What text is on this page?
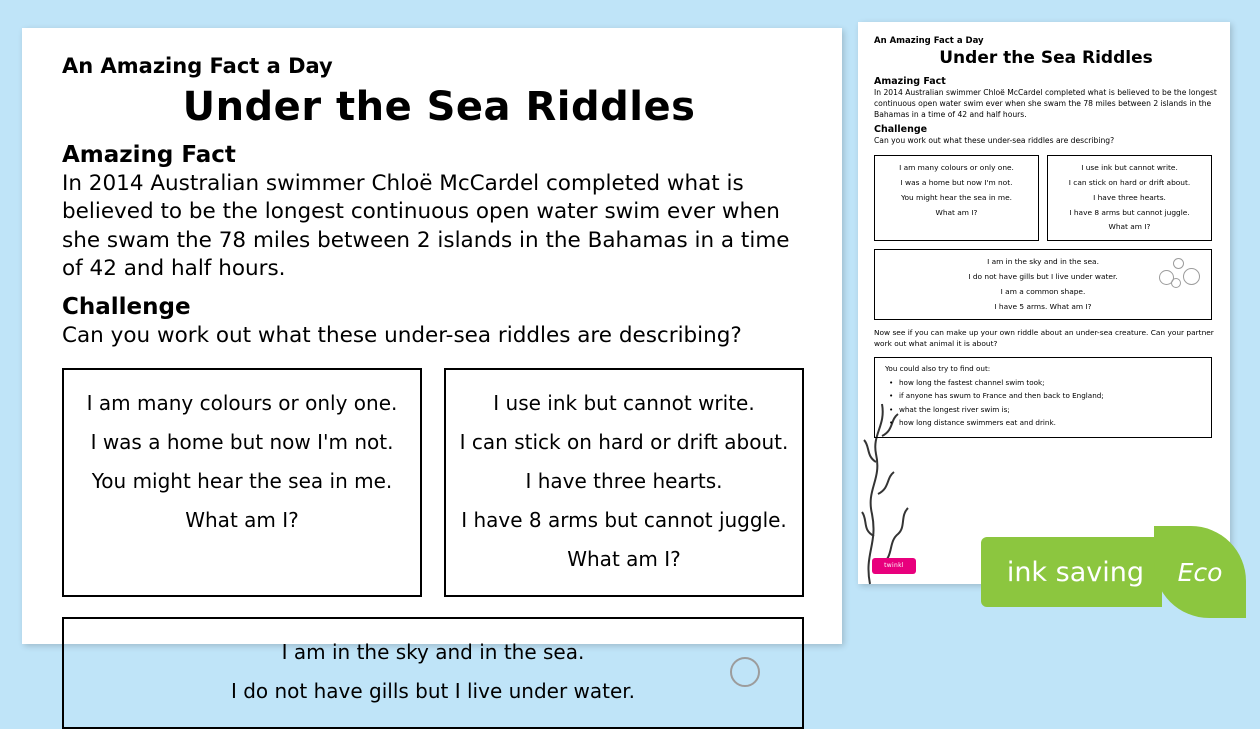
An Amazing Fact a Day
Under the Sea Riddles
Amazing Fact

In 2014 Australian swimmer Chloë McCardel completed what is believed to be the longest continuous open water swim ever when she swam the 78 miles between 2 islands in the Bahamas in a time of 42 and half hours.

Challenge

Can you work out what these under-sea riddles are describing?

I am many colours or only one.
I was a home but now I'm not.
You might hear the sea in me.
What am I?
I use ink but cannot write.
I can stick on hard or drift about.
I have three hearts.
I have 8 arms but cannot juggle.
What am I?
I am in the sky and in the sea.
I do not have gills but I live under water.
An Amazing Fact a Day
Under the Sea Riddles
Amazing Fact

In 2014 Australian swimmer Chloë McCardel completed what is believed to be the longest continuous open water swim ever when she swam the 78 miles between 2 islands in the Bahamas in a time of 42 and half hours.

Challenge

Can you work out what these under-sea riddles are describing?

I am many colours or only one.
I was a home but now I'm not.
You might hear the sea in me.
What am I?
I use ink but cannot write.
I can stick on hard or drift about.
I have three hearts.
I have 8 arms but cannot juggle.
What am I?
I am in the sky and in the sea.
I do not have gills but I live under water.
I am a common shape.
I have 5 arms. What am I?

Now see if you can make up your own riddle about an under-sea creature. Can your partner work out what animal it is about?

You could also try to find out:

• how long the fastest channel swim took;
• if anyone has swum to France and then back to England;
• what the longest river swim is;
• how long distance swimmers eat and drink.
twinkl	ink saving	Eco
